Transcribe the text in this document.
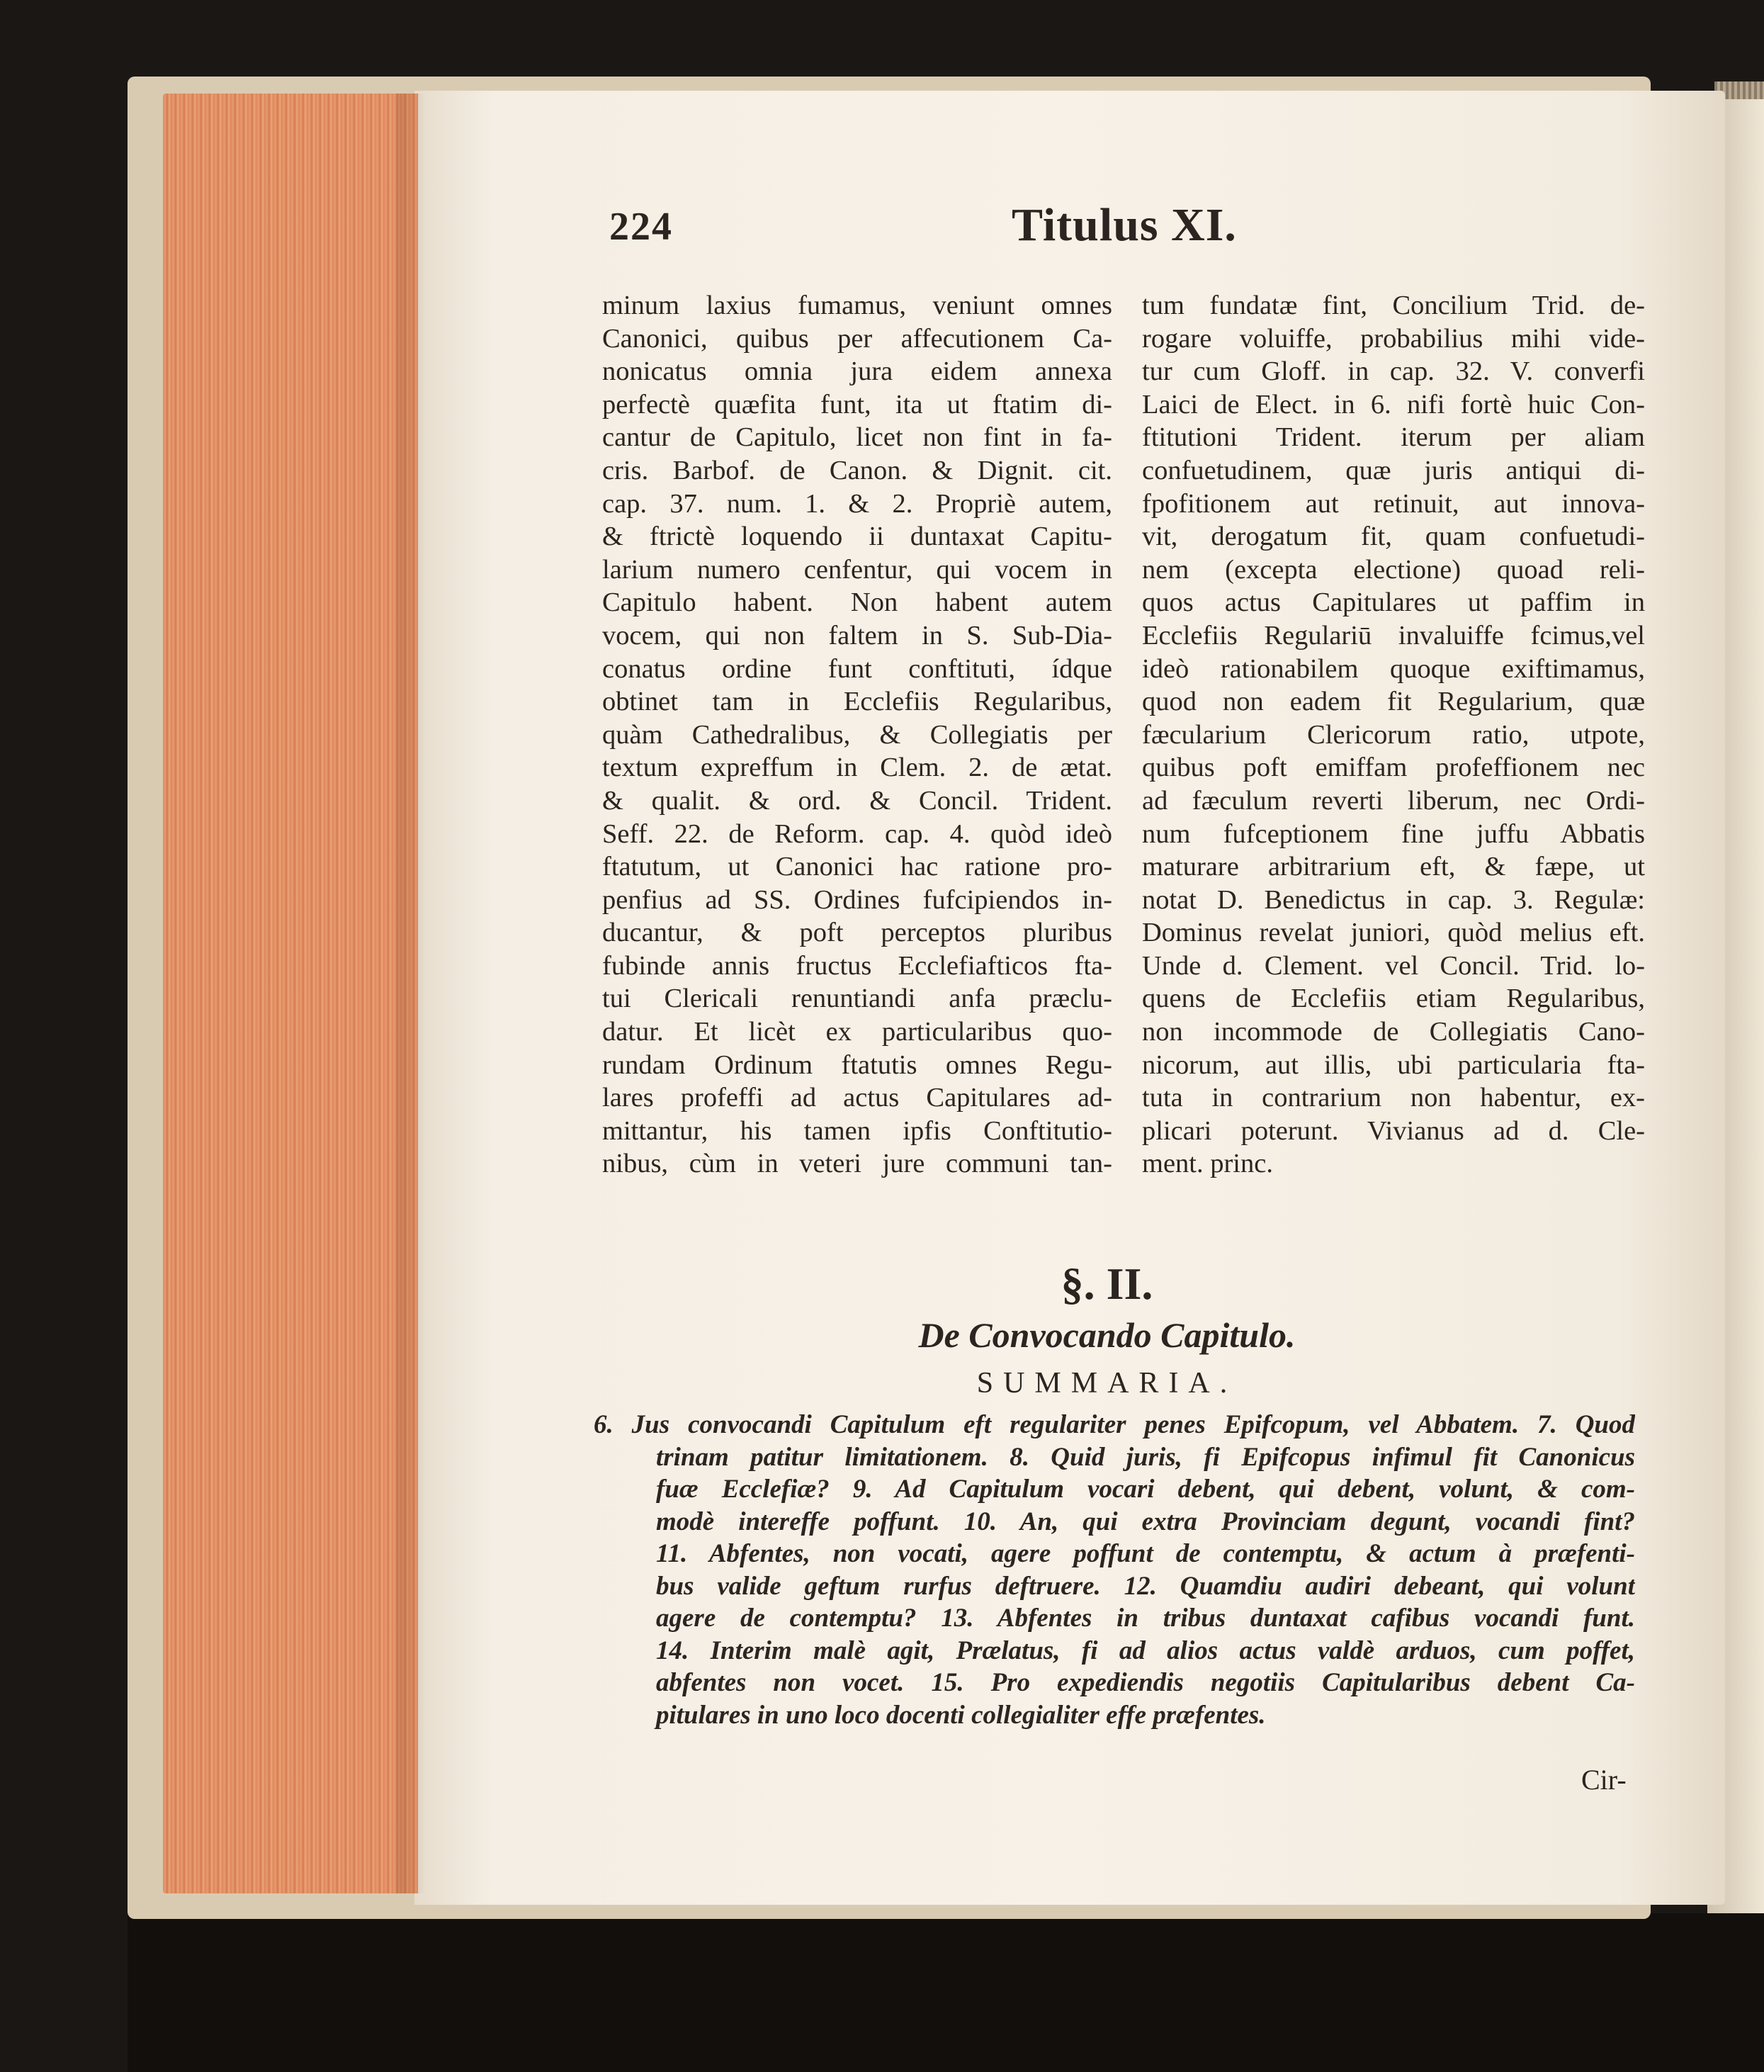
224	Titulus XI.
minum laxius fumamus, veniunt omnes
Canonici, quibus per affecutionem Ca-
nonicatus omnia jura eidem annexa
perfectè quæfita funt, ita ut ftatim di-
cantur de Capitulo, licet non fint in fa-
cris. Barbof. de Canon. & Dignit. cit.
cap. 37. num. 1. & 2. Propriè autem,
& ftrictè loquendo ii duntaxat Capitu-
larium numero cenfentur, qui vocem in
Capitulo habent. Non habent autem
vocem, qui non faltem in S. Sub-Dia-
conatus ordine funt conftituti, ídque
obtinet tam in Ecclefiis Regularibus,
quàm Cathedralibus, & Collegiatis per
textum expreffum in Clem. 2. de ætat.
& qualit. & ord. & Concil. Trident.
Seff. 22. de Reform. cap. 4. quòd ideò
ftatutum, ut Canonici hac ratione pro-
penfius ad SS. Ordines fufcipiendos in-
ducantur, & poft perceptos pluribus
fubinde annis fructus Ecclefiafticos fta-
tui Clericali renuntiandi anfa præclu-
datur. Et licèt ex particularibus quo-
rundam Ordinum ftatutis omnes Regu-
lares profeffi ad actus Capitulares ad-
mittantur, his tamen ipfis Conftitutio-
nibus, cùm in veteri jure communi tan-
tum fundatæ fint, Concilium Trid. de-
rogare voluiffe, probabilius mihi vide-
tur cum Gloff. in cap. 32. V. converfi
Laici de Elect. in 6. nifi fortè huic Con-
ftitutioni Trident. iterum per aliam
confuetudinem, quæ juris antiqui di-
fpofitionem aut retinuit, aut innova-
vit, derogatum fit, quam confuetudi-
nem (excepta electione) quoad reli-
quos actus Capitulares ut paffim in
Ecclefiis Regulariū invaluiffe fcimus,vel
ideò rationabilem quoque exiftimamus,
quod non eadem fit Regularium, quæ
fæcularium Clericorum ratio, utpote,
quibus poft emiffam profeffionem nec
ad fæculum reverti liberum, nec Ordi-
num fufceptionem fine juffu Abbatis
maturare arbitrarium eft, & fæpe, ut
notat D. Benedictus in cap. 3. Regulæ:
Dominus revelat juniori, quòd melius eft.
Unde d. Clement. vel Concil. Trid. lo-
quens de Ecclefiis etiam Regularibus,
non incommode de Collegiatis Cano-
nicorum, aut illis, ubi particularia fta-
tuta in contrarium non habentur, ex-
plicari poterunt. Vivianus ad d. Cle-
ment. princ.
§. II.
De Convocando Capitulo.
SUMMARIA.
6. Jus convocandi Capitulum eft regulariter penes Epifcopum, vel Abbatem. 7. Quod
trinam patitur limitationem. 8. Quid juris, fi Epifcopus infimul fit Canonicus
fuæ Ecclefiæ? 9. Ad Capitulum vocari debent, qui debent, volunt, & com-
modè intereffe poffunt. 10. An, qui extra Provinciam degunt, vocandi fint?
11. Abfentes, non vocati, agere poffunt de contemptu, & actum à præfenti-
bus valide geftum rurfus deftruere. 12. Quamdiu audiri debeant, qui volunt
agere de contemptu? 13. Abfentes in tribus duntaxat cafibus vocandi funt.
14. Interim malè agit, Prælatus, fi ad alios actus valdè arduos, cum poffet,
abfentes non vocet. 15. Pro expediendis negotiis Capitularibus debent Ca-
pitulares in uno loco docenti collegialiter effe præfentes.
Cir-
